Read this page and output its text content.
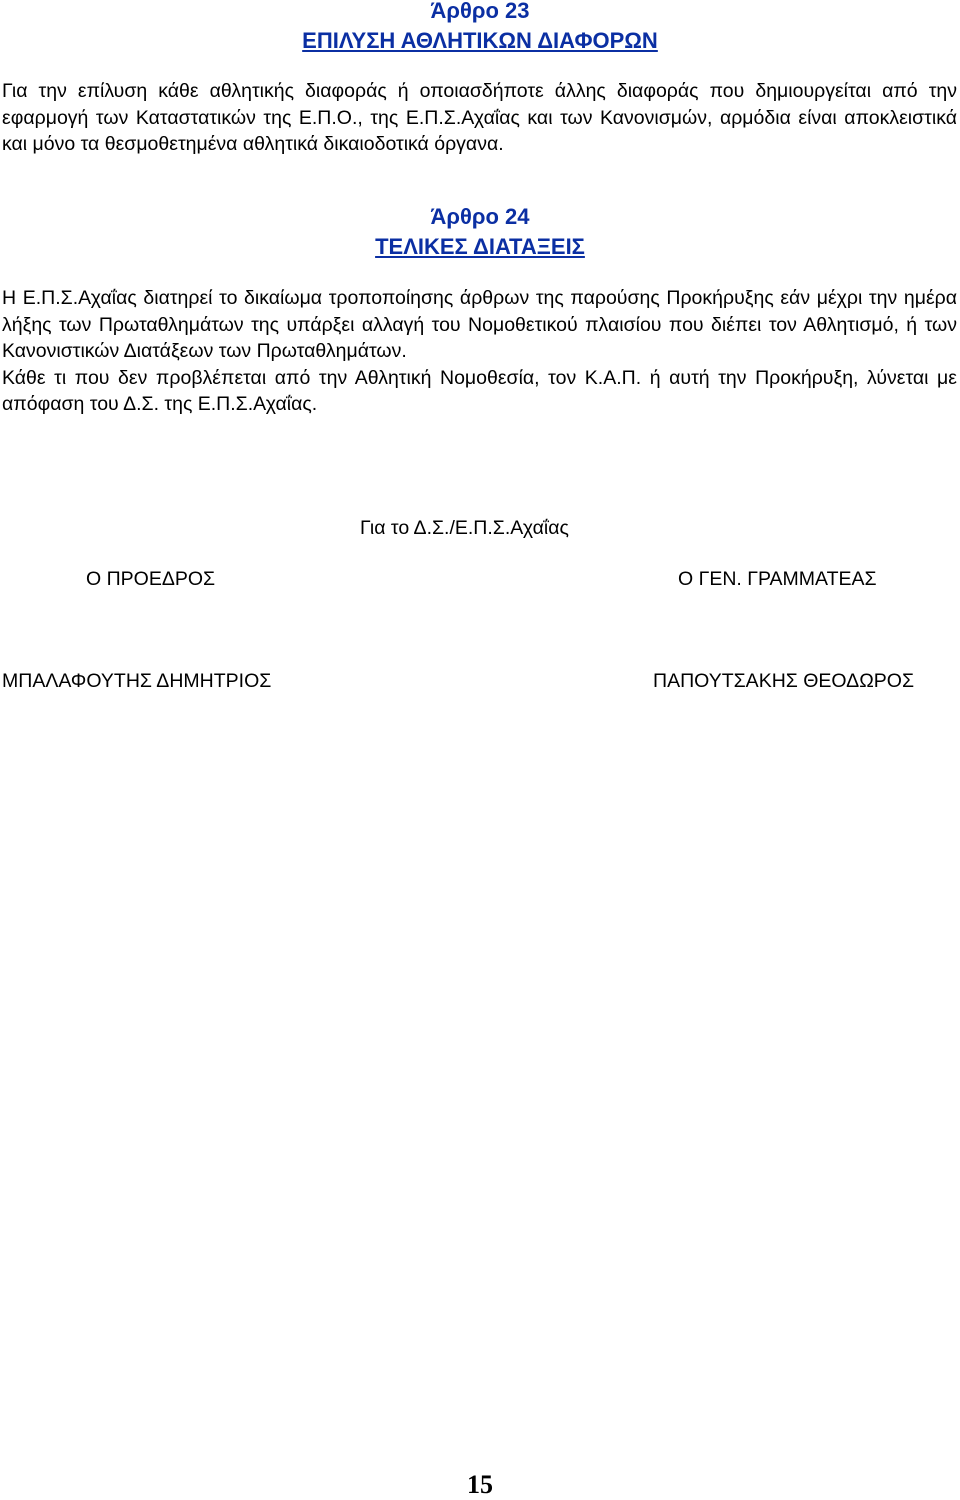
Άρθρο 23
ΕΠΙΛΥΣΗ ΑΘΛΗΤΙΚΩΝ ΔΙΑΦΟΡΩΝ

Για την επίλυση κάθε αθλητικής διαφοράς ή οποιασδήποτε άλλης διαφοράς που δημιουργείται από την εφαρμογή των Καταστατικών της Ε.Π.Ο., της Ε.Π.Σ.Αχαΐας και των Κανονισμών, αρμόδια είναι αποκλειστικά και μόνο τα θεσμοθετημένα αθλητικά δικαιοδοτικά όργανα.

Άρθρο 24
ΤΕΛΙΚΕΣ ΔΙΑΤΑΞΕΙΣ

Η Ε.Π.Σ.Αχαΐας διατηρεί το δικαίωμα τροποποίησης άρθρων της παρούσης Προκήρυξης εάν μέχρι την ημέρα λήξης των Πρωταθλημάτων της υπάρξει αλλαγή του Νομοθετικού πλαισίου που διέπει τον Αθλητισμό, ή των Κανονιστικών Διατάξεων των Πρωταθλημάτων.

Κάθε τι που δεν προβλέπεται από την Αθλητική Νομοθεσία, τον Κ.Α.Π. ή αυτή την Προκήρυξη, λύνεται με απόφαση του Δ.Σ. της Ε.Π.Σ.Αχαΐας.

Για το Δ.Σ./Ε.Π.Σ.Αχαΐας
Ο ΠΡΟΕΔΡΟΣ	Ο ΓΕΝ. ΓΡΑΜΜΑΤΕΑΣ
ΜΠΑΛΑΦΟΥΤΗΣ ΔΗΜΗΤΡΙΟΣ	ΠΑΠΟΥΤΣΑΚΗΣ ΘΕΟΔΩΡΟΣ
15
